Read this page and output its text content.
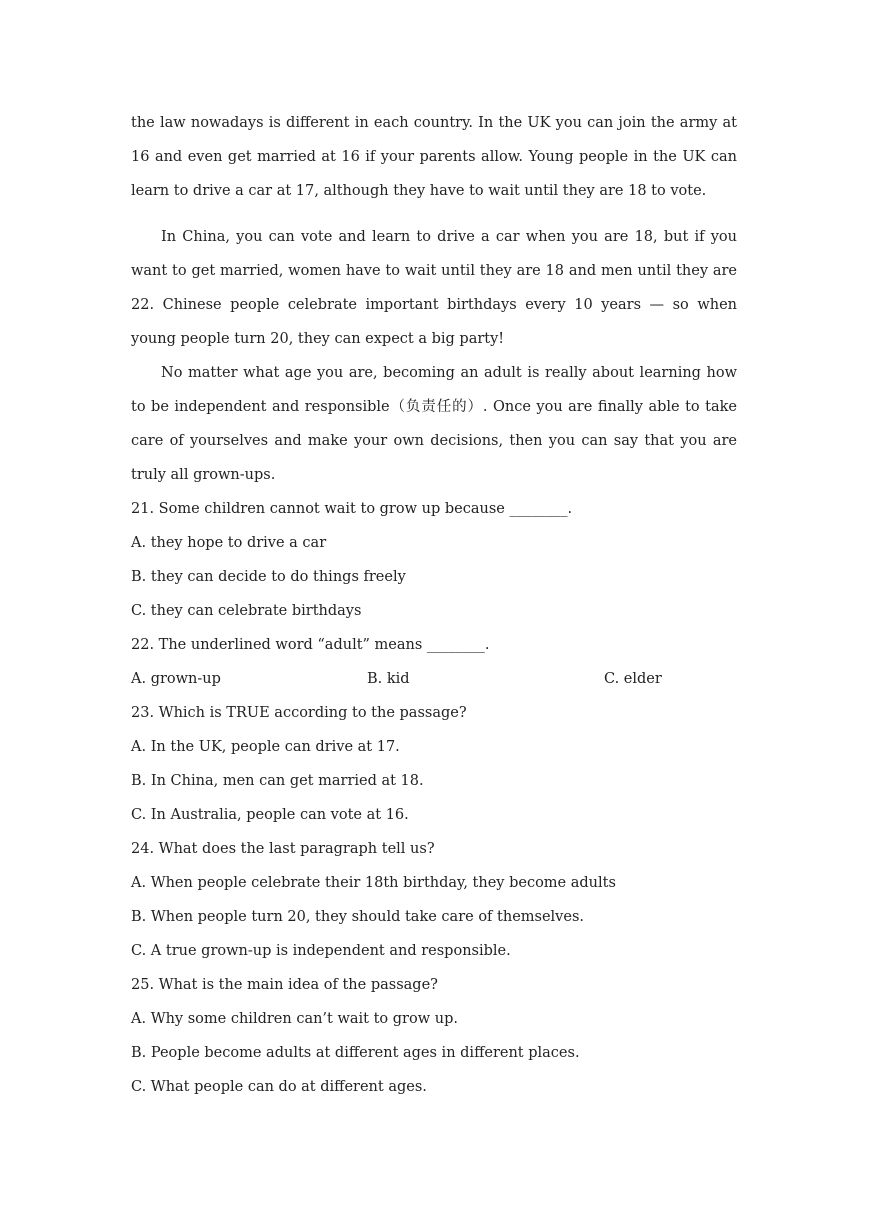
the law nowadays is different in each country. In the UK you can join the army at 16 and even get married at 16 if your parents allow. Young people in the UK can learn to drive a car at 17‚ although they have to wait until they are 18 to vote.

In China, you can vote and learn to drive a car when you are 18, but if you want to get married, women have to wait until they are 18 and men until they are 22. Chinese people celebrate important birthdays every 10 years — so when young people turn 20, they can expect a big party!

No matter what age you are, becoming an adult is really about learning how to be independent and responsible（负责任的）. Once you are finally able to take care of yourselves and make your own decisions, then you can say that you are truly all grown-ups.

21. Some children cannot wait to grow up because ________.

A. they hope to drive a car

B. they can decide to do things freely

C. they can celebrate birthdays

22. The underlined word “adult” means ________.

A. grown-up	B. kid	C. elder

23. Which is TRUE according to the passage?

A. In the UK, people can drive at 17.

B. In China, men can get married at 18.

C. In Australia, people can vote at 16.

24. What does the last paragraph tell us?

A. When people celebrate their 18th birthday, they become adults

B. When people turn 20, they should take care of themselves.

C. A true grown-up is independent and responsible.

25. What is the main idea of the passage?

A. Why some children can’t wait to grow up.

B. People become adults at different ages in different places.

C. What people can do at different ages.
